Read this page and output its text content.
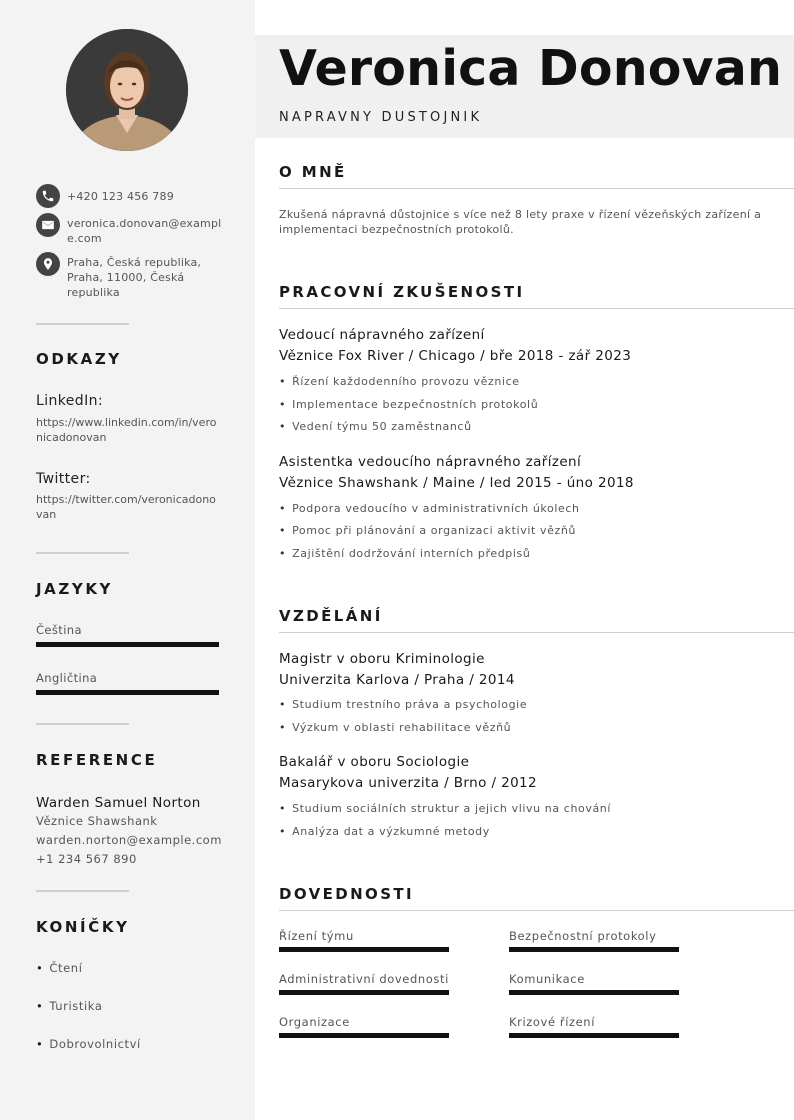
+420 123 456 789
veronica.donovan@example.com
Praha, Česká republika, Praha, 11000, Česká republika
ODKAZY
LinkedIn:
https://www.linkedin.com/in/veronicadonovan
Twitter:
https://twitter.com/veronicadonovan
JAZYKY
Čeština
Angličtina
REFERENCE
Warden Samuel Norton
Věznice Shawshank
warden.norton@example.com
+1 234 567 890
KONÍČKY
• Čtení
• Turistika
• Dobrovolnictví
Veronica Donovan
NAPRAVNY DUSTOJNIK
O MNĚ
Zkušená nápravná důstojnice s více než 8 lety praxe v řízení vězeňských zařízení a implementaci bezpečnostních protokolů.
PRACOVNÍ ZKUŠENOSTI
Vedoucí nápravného zařízení
Věznice Fox River / Chicago / bře 2018 - zář 2023
• Řízení každodenního provozu věznice
• Implementace bezpečnostních protokolů
• Vedení týmu 50 zaměstnanců
Asistentka vedoucího nápravného zařízení
Věznice Shawshank / Maine / led 2015 - úno 2018
• Podpora vedoucího v administrativních úkolech
• Pomoc při plánování a organizaci aktivit vězňů
• Zajištění dodržování interních předpisů
VZDĚLÁNÍ
Magistr v oboru Kriminologie
Univerzita Karlova / Praha / 2014
• Studium trestního práva a psychologie
• Výzkum v oblasti rehabilitace vězňů
Bakalář v oboru Sociologie
Masarykova univerzita / Brno / 2012
• Studium sociálních struktur a jejich vlivu na chování
• Analýza dat a výzkumné metody
DOVEDNOSTI
Řízení týmu	Bezpečnostní protokoly
Administrativní dovednosti	Komunikace
Organizace	Krizové řízení
